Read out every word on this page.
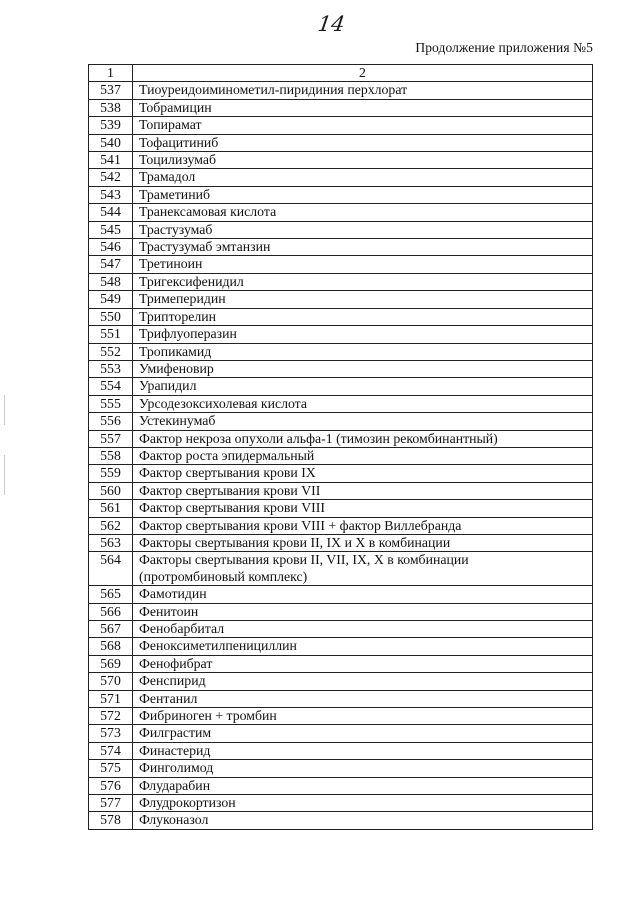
14
Продолжение приложения №5
1	2
537	Тиоуреидоиминометил-пиридиния перхлорат
538	Тобрамицин
539	Топирамат
540	Тофацитиниб
541	Тоцилизумаб
542	Трамадол
543	Траметиниб
544	Транексамовая кислота
545	Трастузумаб
546	Трастузумаб эмтанзин
547	Третиноин
548	Тригексифенидил
549	Тримеперидин
550	Трипторелин
551	Трифлуоперазин
552	Тропикамид
553	Умифеновир
554	Урапидил
555	Урсодезоксихолевая кислота
556	Устекинумаб
557	Фактор некроза опухоли альфа-1 (тимозин рекомбинантный)
558	Фактор роста эпидермальный
559	Фактор свертывания крови IX
560	Фактор свертывания крови VII
561	Фактор свертывания крови VIII
562	Фактор свертывания крови VIII + фактор Виллебранда
563	Факторы свертывания крови II, IX и X в комбинации
564	Факторы свертывания крови II, VII, IX, X в комбинации
(протромбиновый комплекс)
565	Фамотидин
566	Фенитоин
567	Фенобарбитал
568	Феноксиметилпенициллин
569	Фенофибрат
570	Фенспирид
571	Фентанил
572	Фибриноген + тромбин
573	Филграстим
574	Финастерид
575	Финголимод
576	Флударабин
577	Флудрокортизон
578	Флуконазол
